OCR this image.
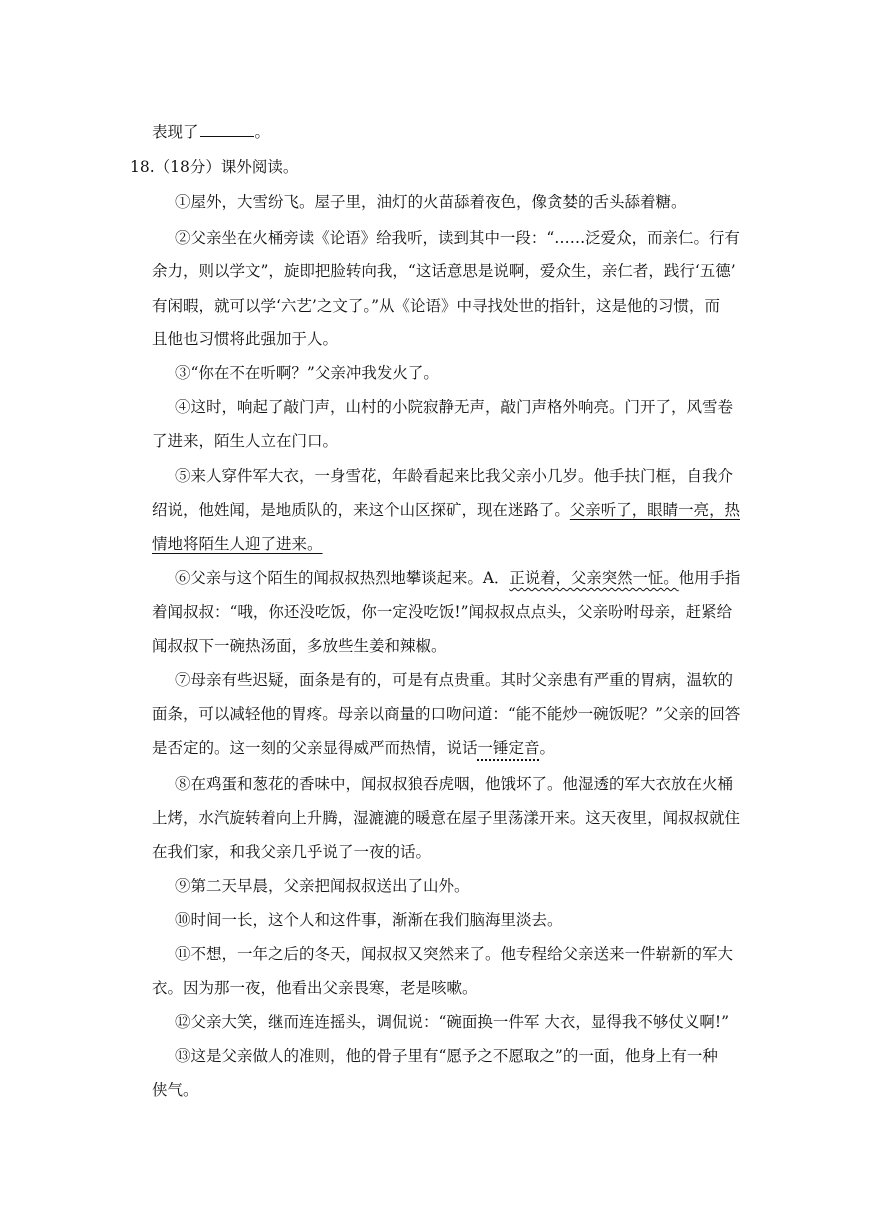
表现了	。
18.（18分）课外阅读。
①屋外，大雪纷飞。屋子里，油灯的火苗舔着夜色，像贪婪的舌头舔着糖。
②父亲坐在火桶旁读《论语》给我听，读到其中一段：“……泛爱众，而亲仁。行有
余力，则以学文”，旋即把脸转向我，“这话意思是说啊，爱众生，亲仁者，践行‘五德’
有闲暇，就可以学‘六艺’之文了。”从《论语》中寻找处世的指针，这是他的习惯，而
且他也习惯将此强加于人。
③“你在不在听啊？”父亲冲我发火了。
④这时，响起了敲门声，山村的小院寂静无声，敲门声格外响亮。门开了，风雪卷
了进来，陌生人立在门口。
⑤来人穿件军大衣，一身雪花，年龄看起来比我父亲小几岁。他手扶门框，自我介
绍说，他姓闻，是地质队的，来这个山区探矿，现在迷路了。父亲听了，眼睛一亮，热
情地将陌生人迎了进来。
⑥父亲与这个陌生的闻叔叔热烈地攀谈起来。A．正说着，父亲突然一怔。他用手指
着闻叔叔：“哦，你还没吃饭，你一定没吃饭!”闻叔叔点点头，父亲吩咐母亲，赶紧给
闻叔叔下一碗热汤面，多放些生姜和辣椒。
⑦母亲有些迟疑，面条是有的，可是有点贵重。其时父亲患有严重的胃病，温软的
面条，可以减轻他的胃疼。母亲以商量的口吻问道：“能不能炒一碗饭呢？”父亲的回答
是否定的。这一刻的父亲显得威严而热情，说话一锤定音。
⑧在鸡蛋和葱花的香味中，闻叔叔狼吞虎咽，他饿坏了。他湿透的军大衣放在火桶
上烤，水汽旋转着向上升腾，湿漉漉的暖意在屋子里荡漾开来。这天夜里，闻叔叔就住
在我们家，和我父亲几乎说了一夜的话。
⑨第二天早晨，父亲把闻叔叔送出了山外。
⑩时间一长，这个人和这件事，渐渐在我们脑海里淡去。
⑪不想，一年之后的冬天，闻叔叔又突然来了。他专程给父亲送来一件崭新的军大
衣。因为那一夜，他看出父亲畏寒，老是咳嗽。
⑫父亲大笑，继而连连摇头，调侃说：“碗面换一件军 大衣，显得我不够仗义啊!”
⑬这是父亲做人的准则，他的骨子里有“愿予之不愿取之”的一面，他身上有一种
侠气。
